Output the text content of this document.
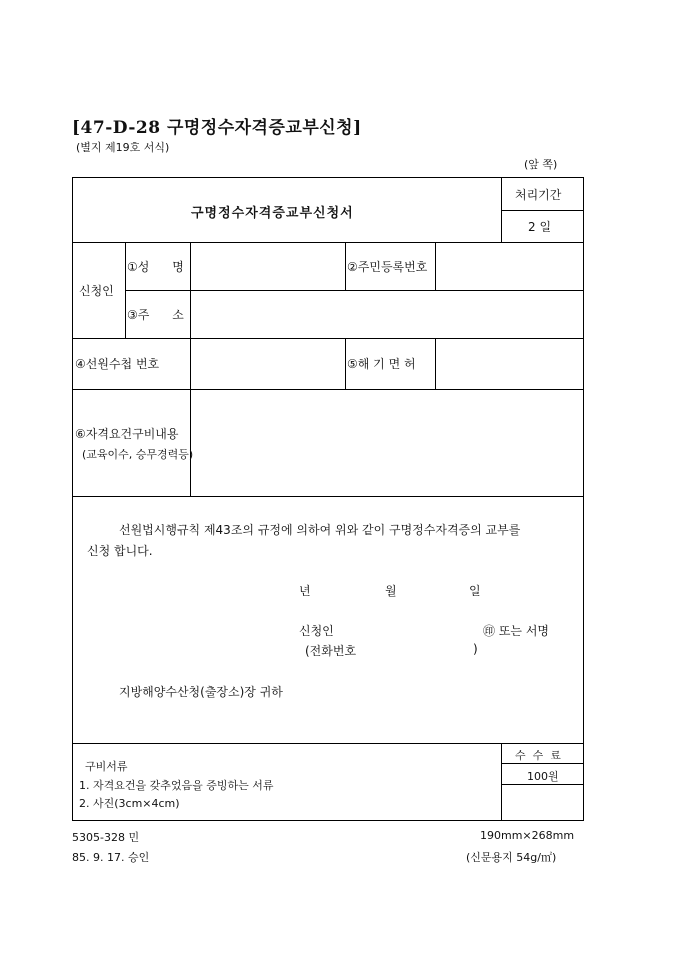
[47-D-28 구명정수자격증교부신청]
(별지 제19호 서식)
(앞 쪽)
구명정수자격증교부신청서
처리기간
2 일
신청인
①성      명	②주민등록번호
③주      소
④선원수첩 번호	⑤해 기 면 허
⑥자격요건구비내용
(교육이수, 승무경력등)
선원법시행규칙 제43조의 규정에 의하여 위와 같이 구명정수자격증의 교부를
신청 합니다.
년	월	일
신청인	㊞ 또는 서명
(전화번호	)
지방해양수산청(출장소)장 귀하
구비서류
1. 자격요건을 갖추었음을 증빙하는 서류
2. 사진(3cm×4cm)
수  수  료
100원
5305-328 민
85. 9. 17. 승인
190mm×268mm
(신문용지 54g/㎡)
